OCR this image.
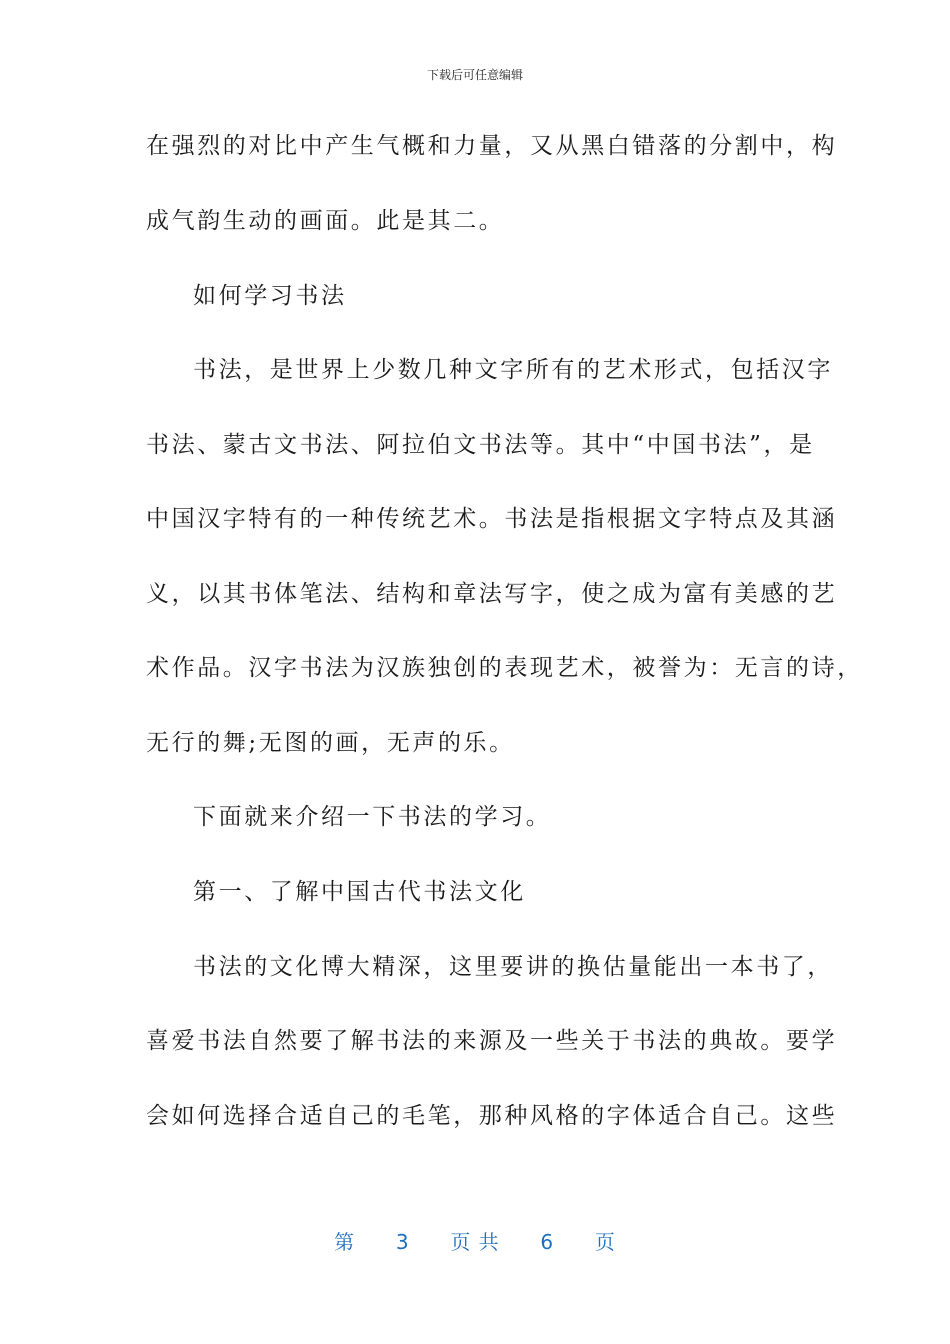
下载后可任意编辑
在强烈的对比中产生气概和力量，又从黑白错落的分割中，构
成气韵生动的画面。此是其二。
如何学习书法
书法，是世界上少数几种文字所有的艺术形式，包括汉字
书法、蒙古文书法、阿拉伯文书法等。其中“中国书法”，是
中国汉字特有的一种传统艺术。书法是指根据文字特点及其涵
义，以其书体笔法、结构和章法写字，使之成为富有美感的艺
术作品。汉字书法为汉族独创的表现艺术，被誉为：无言的诗，
无行的舞;无图的画，无声的乐。
下面就来介绍一下书法的学习。
第一、了解中国古代书法文化
书法的文化博大精深，这里要讲的换估量能出一本书了，
喜爱书法自然要了解书法的来源及一些关于书法的典故。要学
会如何选择合适自己的毛笔，那种风格的字体适合自己。这些
第 3 页 共 6 页
